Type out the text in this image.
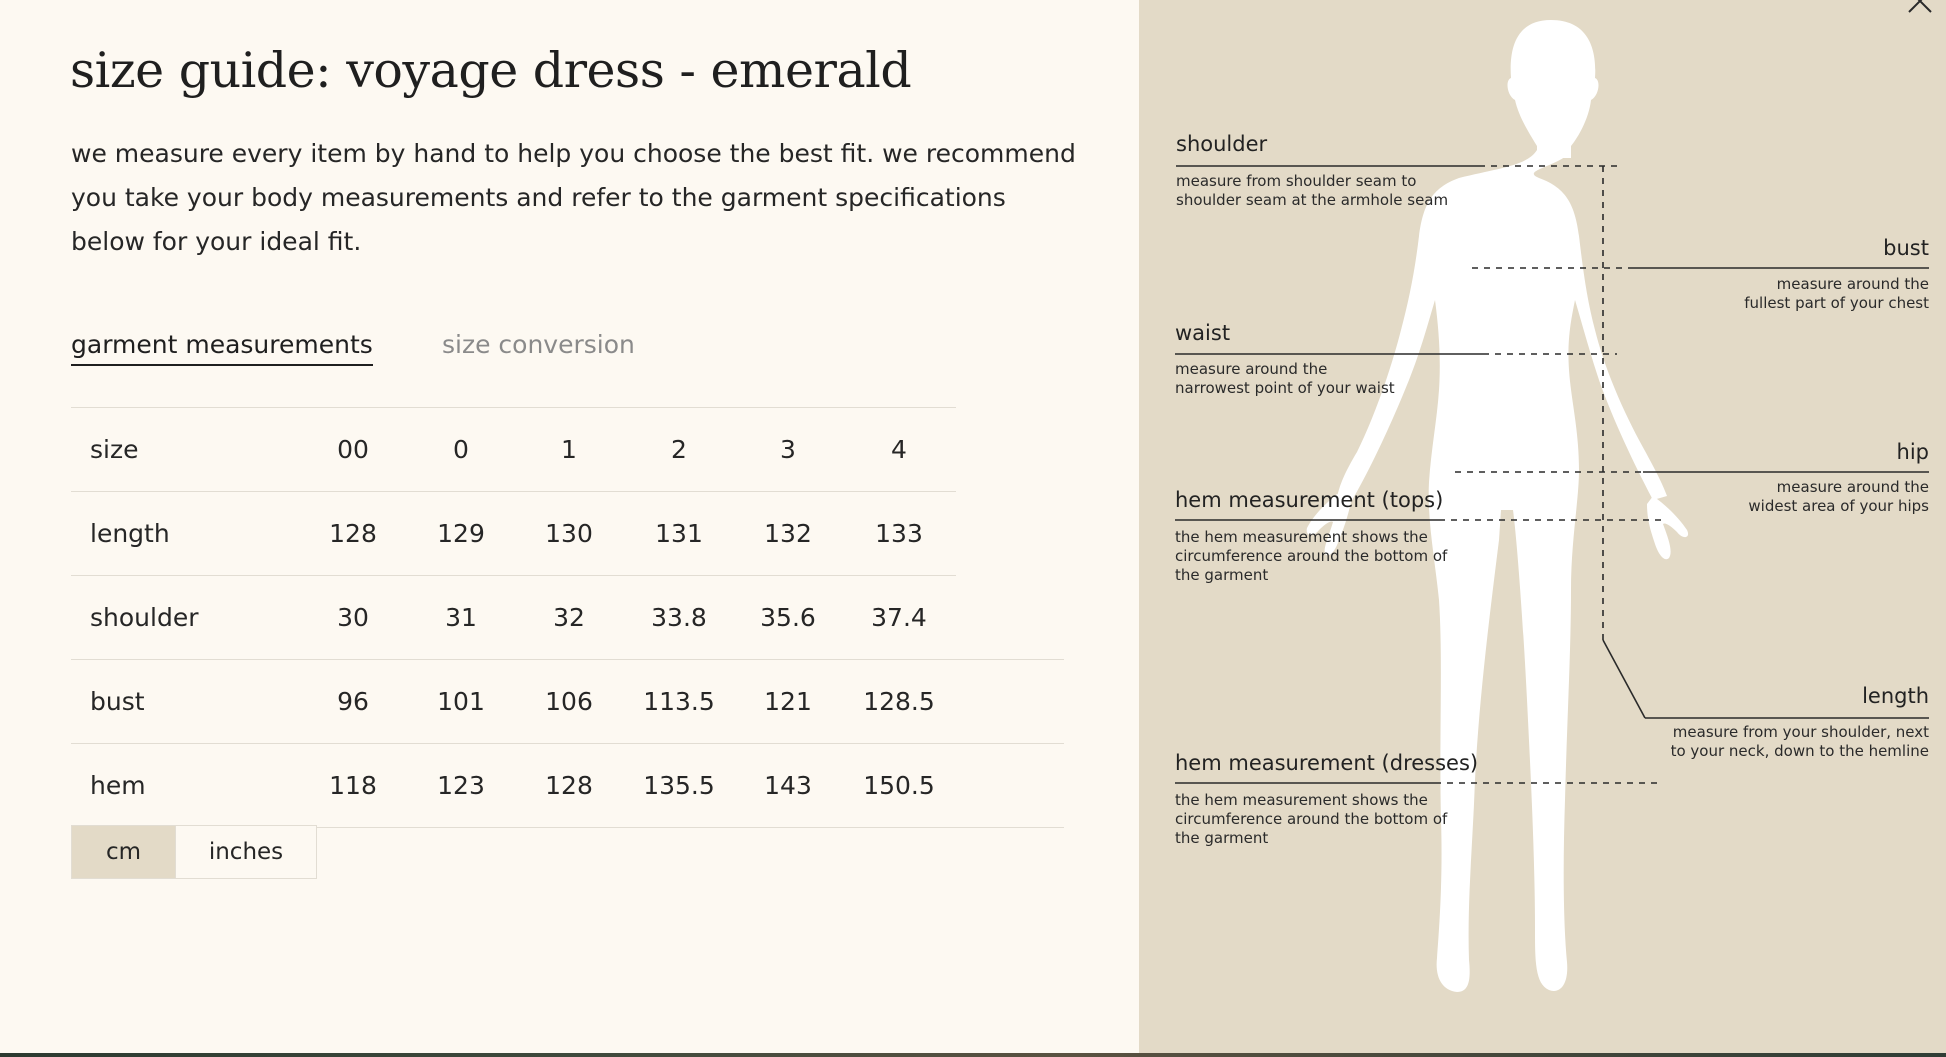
size guide: voyage dress - emerald

we measure every item by hand to help you choose the best fit. we recommend you take your body measurements and refer to the garment specifications below for your ideal fit.

garment measurements	size conversion
size	00	0	1	2	3	4
length	128	129	130	131	132	133
shoulder	30	31	32	33.8	35.6	37.4
bust	96	101	106	113.5	121	128.5
hem	118	123	128	135.5	143	150.5
cm	inches
shoulder
measure from shoulder seam to
shoulder seam at the armhole seam
bust
measure around the
fullest part of your chest
waist
measure around the
narrowest point of your waist
hip
measure around the
widest area of your hips
hem measurement (tops)
the hem measurement shows the
circumference around the bottom of
the garment
length
measure from your shoulder, next
to your neck, down to the hemline
hem measurement (dresses)
the hem measurement shows the
circumference around the bottom of
the garment
